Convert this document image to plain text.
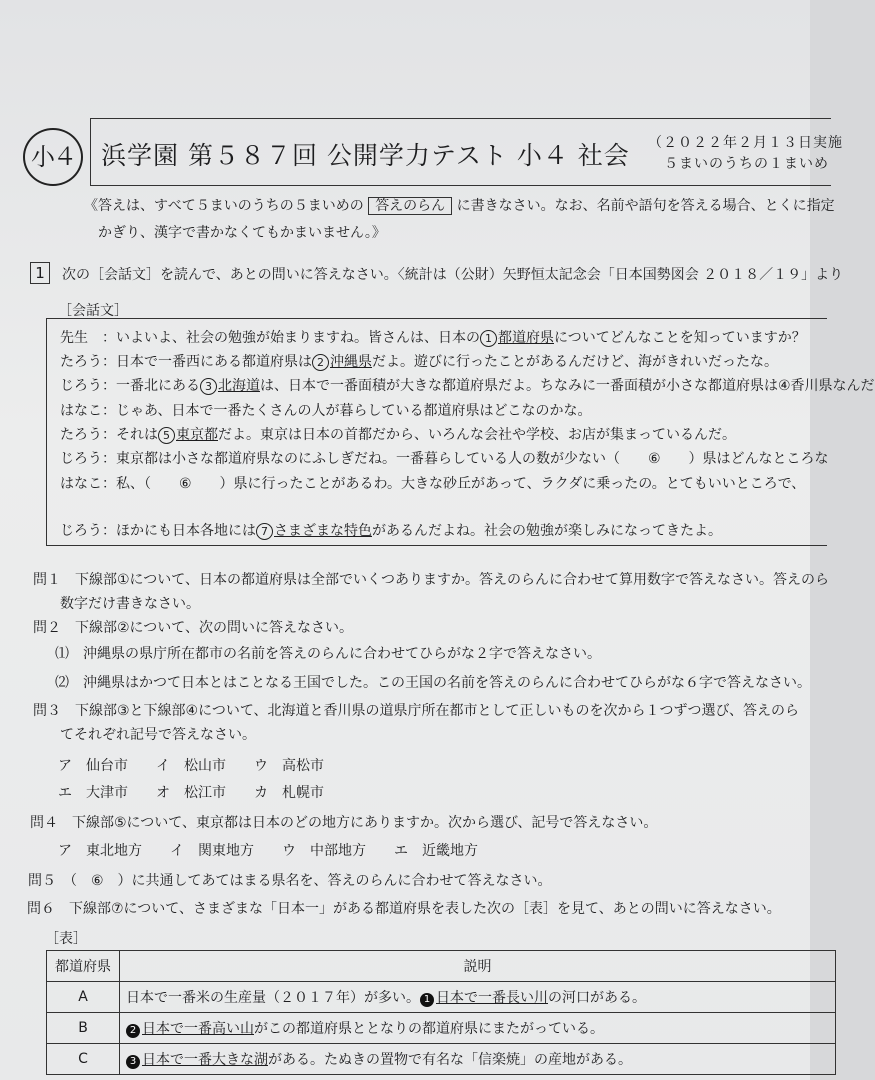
小４	浜学園 第５８７回 公開学力テスト 小４ 社会 （２０２２年２月１３日実施
５まいのうちの１まいめ
《答えは、すべて５まいのうちの５まいめの 答えのらん に書きなさい。なお、名前や語句を答える場合、とくに指定
かぎり、漢字で書かなくてもかまいません。》
1	次の［会話文］を読んで、あとの問いに答えなさい。〈統計は（公財）矢野恒太記念会「日本国勢図会 ２０１８／１９」より
［会話文］
先生　：いよいよ、社会の勉強が始まりますね。皆さんは、日本の 1 都道府県についてどんなことを知っていますか？
たろう：日本で一番西にある都道府県は 2 沖縄県だよ。遊びに行ったことがあるんだけど、海がきれいだったな。
じろう：一番北にある 3 北海道は、日本で一番面積が大きな都道府県だよ。ちなみに一番面積が小さな都道府県は④香川県なんだ
はなこ：じゃあ、日本で一番たくさんの人が暮らしている都道府県はどこなのかな。
たろう：それは 5 東京都だよ。東京は日本の首都だから、いろんな会社や学校、お店が集まっているんだ。
じろう：東京都は小さな都道府県なのにふしぎだね。一番暮らしている人の数が少ない（　　⑥　　）県はどんなところな
はなこ：私、（　　⑥　　）県に行ったことがあるわ。大きな砂丘があって、ラクダに乗ったの。とてもいいところで、
じろう：ほかにも日本各地には 7 さまざまな特色があるんだよね。社会の勉強が楽しみになってきたよ。
問１　下線部①について、日本の都道府県は全部でいくつありますか。答えのらんに合わせて算用数字で答えなさい。答えのら
数字だけ書きなさい。
問２　下線部②について、次の問いに答えなさい。
⑴　沖縄県の県庁所在都市の名前を答えのらんに合わせてひらがな２字で答えなさい。
⑵　沖縄県はかつて日本とはことなる王国でした。この王国の名前を答えのらんに合わせてひらがな６字で答えなさい。
問３　下線部③と下線部④について、北海道と香川県の道県庁所在都市として正しいものを次から１つずつ選び、答えのら
てそれぞれ記号で答えなさい。
ア　仙台市　　イ　松山市　　ウ　高松市
エ　大津市　　オ　松江市　　カ　札幌市
問４　下線部⑤について、東京都は日本のどの地方にありますか。次から選び、記号で答えなさい。
ア　東北地方　　イ　関東地方　　ウ　中部地方　　エ　近畿地方
問５　（　⑥　）に共通してあてはまる県名を、答えのらんに合わせて答えなさい。
問６　下線部⑦について、さまざまな「日本一」がある都道府県を表した次の［表］を見て、あとの問いに答えなさい。
［表］
都道府県	説明
A	日本で一番米の生産量（２０１７年）が多い。 1 日本で一番長い川の河口がある。
B	2 日本で一番高い山がこの都道府県ととなりの都道府県にまたがっている。
C	3 日本で一番大きな湖がある。たぬきの置物で有名な「信楽焼」の産地がある。
